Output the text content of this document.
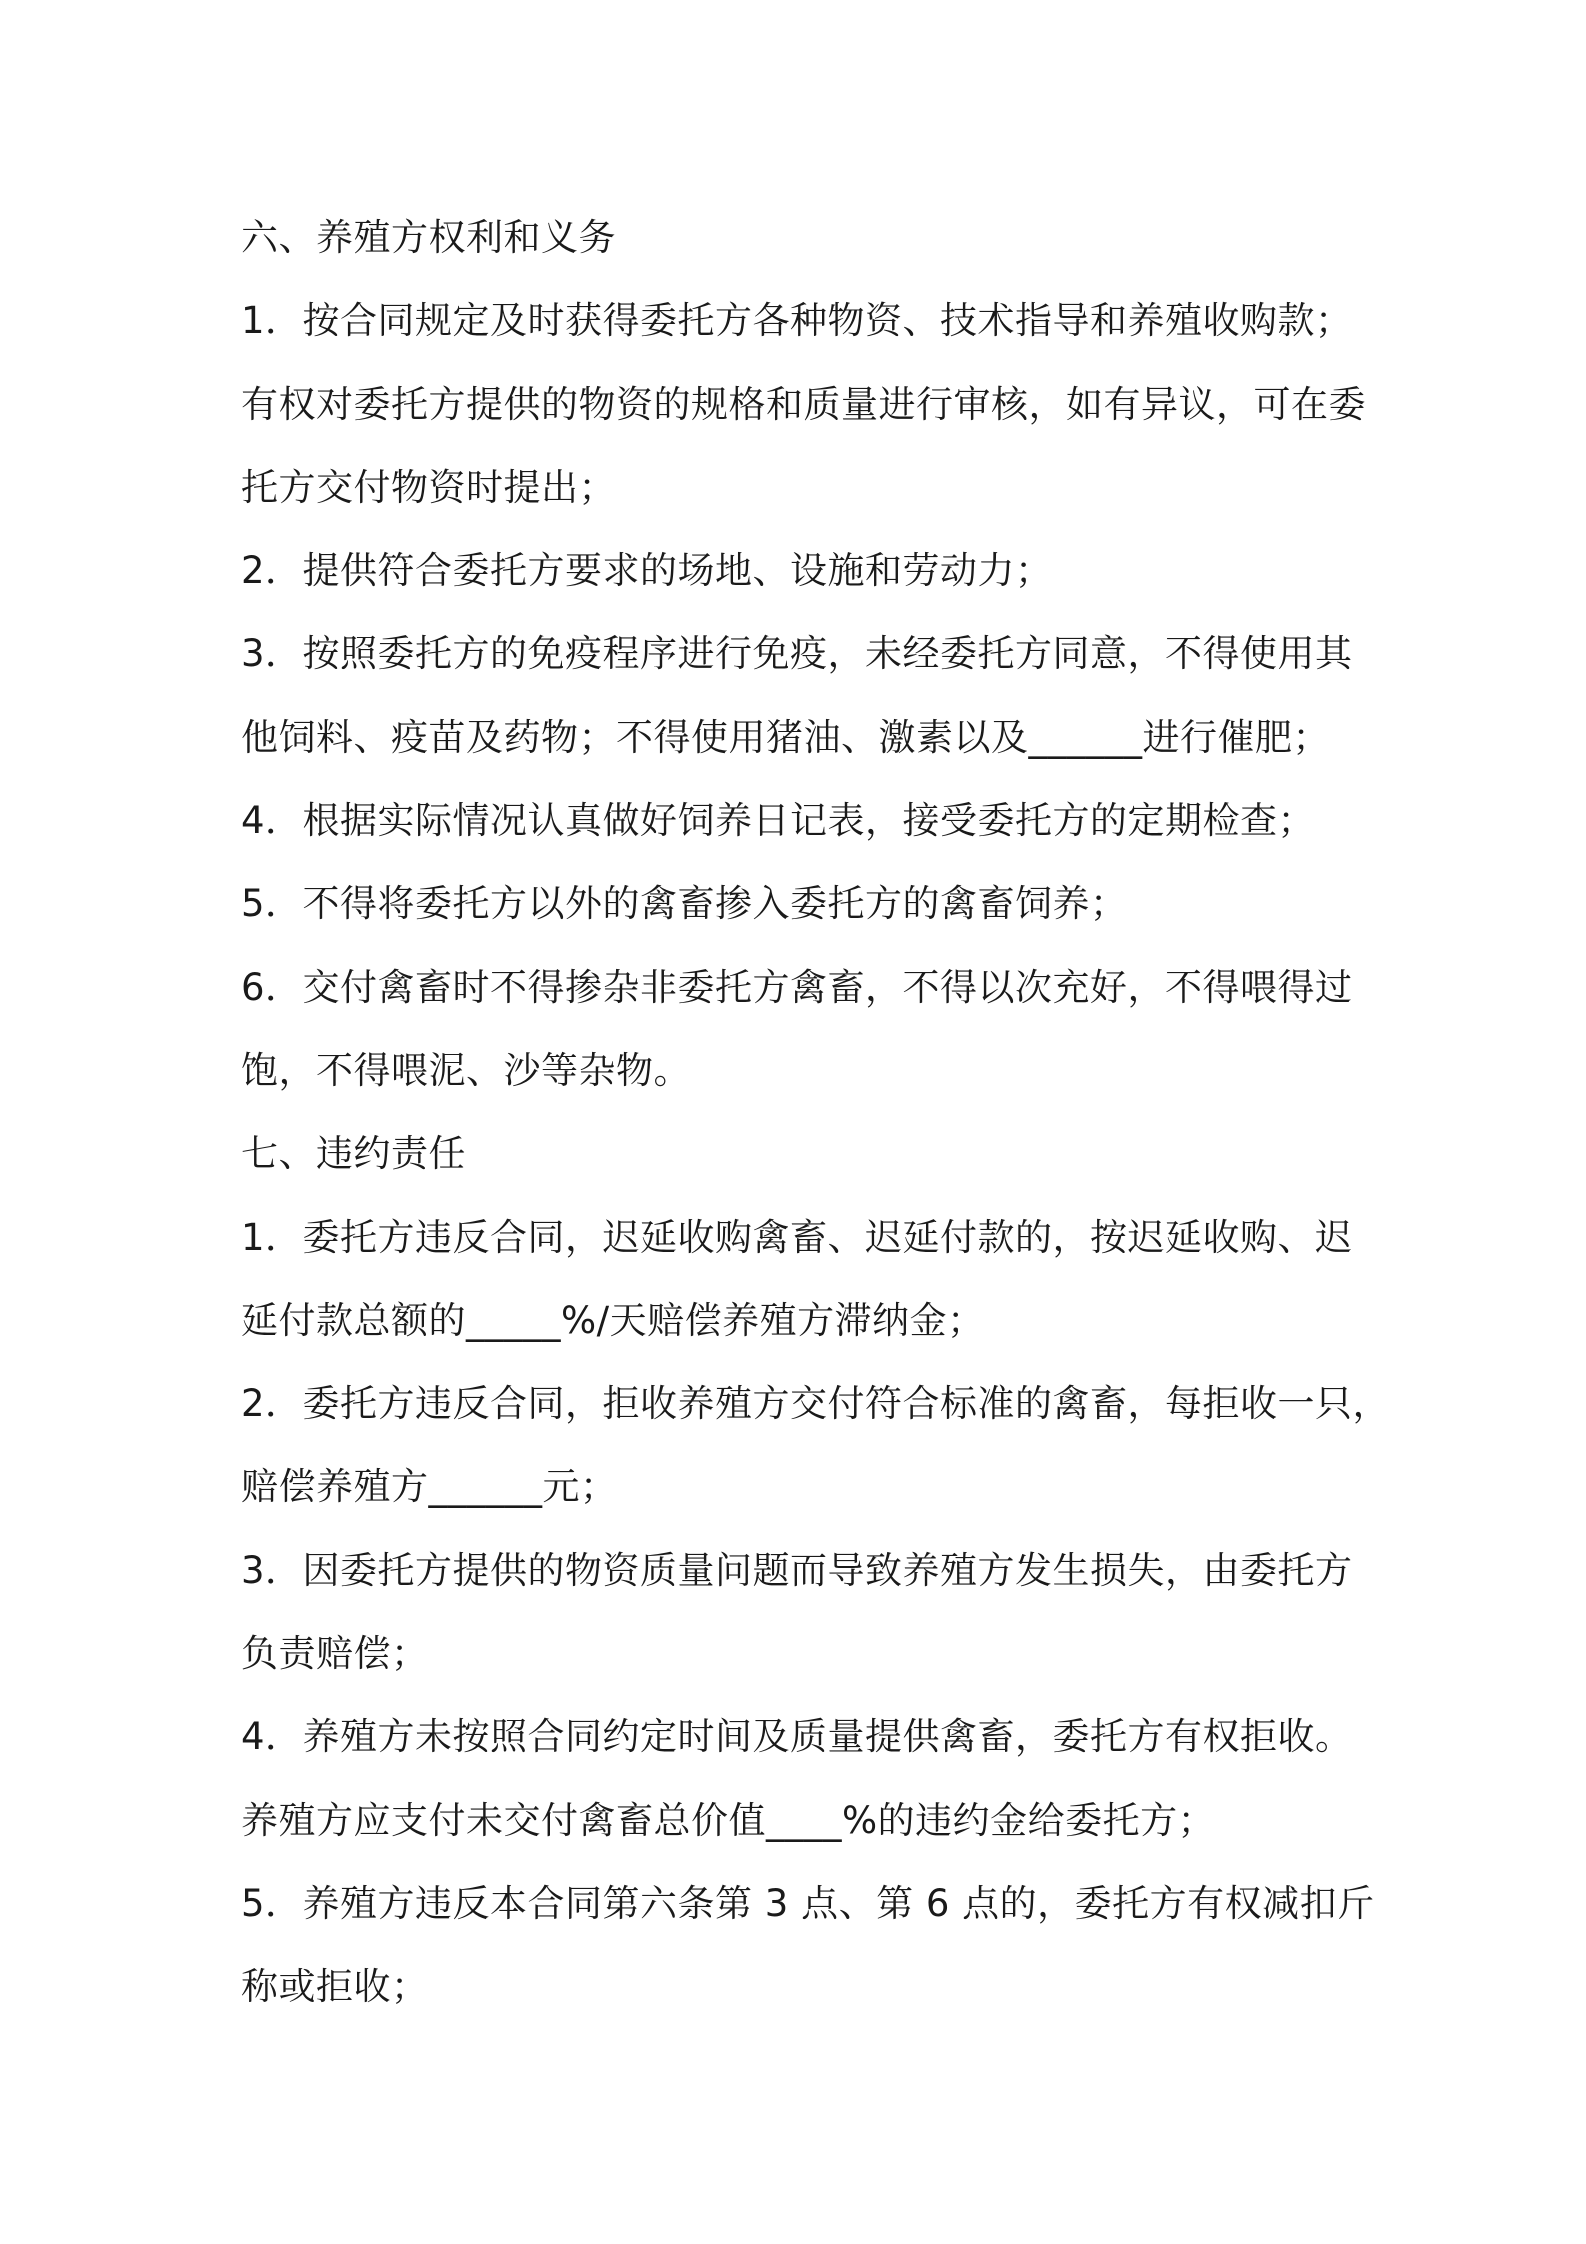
六、养殖方权利和义务
1．按合同规定及时获得委托方各种物资、技术指导和养殖收购款；
有权对委托方提供的物资的规格和质量进行审核，如有异议，可在委
托方交付物资时提出；
2．提供符合委托方要求的场地、设施和劳动力；
3．按照委托方的免疫程序进行免疫，未经委托方同意，不得使用其
他饲料、疫苗及药物；不得使用猪油、激素以及______进行催肥；
4．根据实际情况认真做好饲养日记表，接受委托方的定期检查；
5．不得将委托方以外的禽畜掺入委托方的禽畜饲养；
6．交付禽畜时不得掺杂非委托方禽畜，不得以次充好，不得喂得过
饱，不得喂泥、沙等杂物。
七、违约责任
1．委托方违反合同，迟延收购禽畜、迟延付款的，按迟延收购、迟
延付款总额的_____%/天赔偿养殖方滞纳金；
2．委托方违反合同，拒收养殖方交付符合标准的禽畜，每拒收一只，
赔偿养殖方______元；
3．因委托方提供的物资质量问题而导致养殖方发生损失，由委托方
负责赔偿；
4．养殖方未按照合同约定时间及质量提供禽畜，委托方有权拒收。
养殖方应支付未交付禽畜总价值____%的违约金给委托方；
5．养殖方违反本合同第六条第 3 点、第 6 点的，委托方有权减扣斤
称或拒收；
